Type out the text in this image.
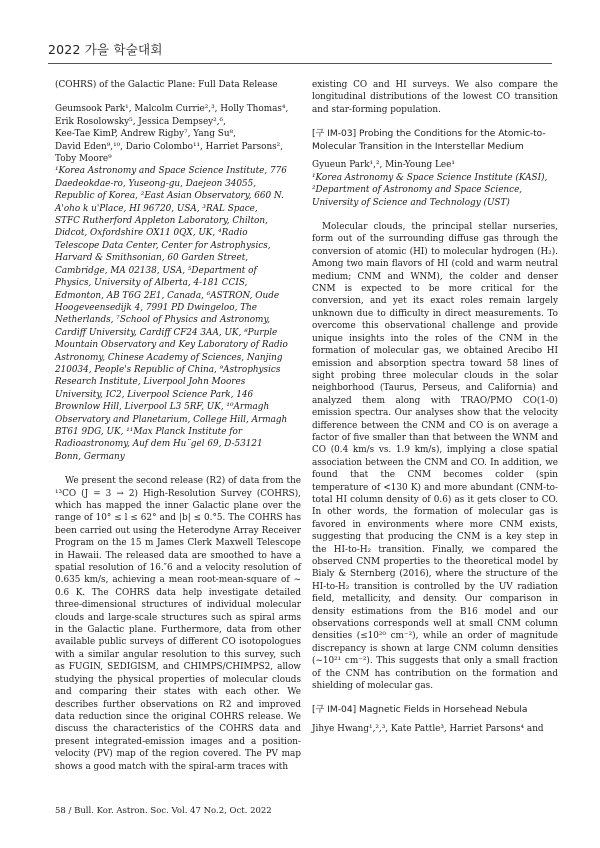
2022 가을 학술대회

(COHRS) of the Galactic Plane: Full Data Release

Geumsook Park¹, Malcolm Currie²,³, Holly Thomas⁴,
Erik Rosolowsky⁵, Jessica Dempsey²,⁶,
Kee-Tae KimP, Andrew Rigby⁷, Yang Su⁸,
David Eden⁹,¹⁰, Dario Colombo¹¹, Harriet Parsons²,
Toby Moore⁹
¹Korea Astronomy and Space Science Institute, 776
Daedeokdae-ro, Yuseong-gu, Daejeon 34055,
Republic of Korea, ²East Asian Observatory, 660 N.
A'oho k u'Place, HI 96720, USA, ³RAL Space,
STFC Rutherford Appleton Laboratory, Chilton,
Didcot, Oxfordshire OX11 0QX, UK, ⁴Radio
Telescope Data Center, Center for Astrophysics,
Harvard & Smithsonian, 60 Garden Street,
Cambridge, MA 02138, USA, ⁵Department of
Physics, University of Alberta, 4-181 CCIS,
Edmonton, AB T6G 2E1, Canada, ⁶ASTRON, Oude
Hoogeveensedijk 4, 7991 PD Dwingeloo, The
Netherlands, ⁷School of Physics and Astronomy,
Cardiff University, Cardiff CF24 3AA, UK, ⁸Purple
Mountain Observatory and Key Laboratory of Radio
Astronomy, Chinese Academy of Sciences, Nanjing
210034, People's Republic of China, ⁹Astrophysics
Research Institute, Liverpool John Moores
University, IC2, Liverpool Science Park, 146
Brownlow Hill, Liverpool L3 5RF, UK, ¹⁰Armagh
Observatory and Planetarium, College Hill, Armagh
BT61 9DG, UK, ¹¹Max Planck Institute for
Radioastronomy, Auf dem Hu¨gel 69, D-53121
Bonn, Germany

We present the second release (R2) of data from the ¹³CO (J = 3 → 2) High-Resolution Survey (COHRS), which has mapped the inner Galactic plane over the range of 10° ≤ l ≤ 62° and |b| ≤ 0.°5. The COHRS has been carried out using the Heterodyne Array Receiver Program on the 15 m James Clerk Maxwell Telescope in Hawaii. The released data are smoothed to have a spatial resolution of 16.″6 and a velocity resolution of 0.635 km/s, achieving a mean root-mean-square of ~ 0.6 K. The COHRS data help investigate detailed three-dimensional structures of individual molecular clouds and large-scale structures such as spiral arms in the Galactic plane. Furthermore, data from other available public surveys of different CO isotopologues with a similar angular resolution to this survey, such as FUGIN, SEDIGISM, and CHIMPS/CHIMPS2, allow studying the physical properties of molecular clouds and comparing their states with each other. We describes further observations on R2 and improved data reduction since the original COHRS release. We discuss the characteristics of the COHRS data and present integrated-emission images and a position-velocity (PV) map of the region covered. The PV map shows a good match with the spiral-arm traces with

existing CO and HI surveys. We also compare the longitudinal distributions of the lowest CO transition and star-forming population.

[구 IM-03] Probing the Conditions for the Atomic-to-Molecular Transition in the Interstellar Medium

Gyueun Park¹,², Min-Young Lee¹
¹Korea Astronomy & Space Science Institute (KASI),
²Department of Astronomy and Space Science,
University of Science and Technology (UST)

Molecular clouds, the principal stellar nurseries, form out of the surrounding diffuse gas through the conversion of atomic (HI) to molecular hydrogen (H₂). Among two main flavors of HI (cold and warm neutral medium; CNM and WNM), the colder and denser CNM is expected to be more critical for the conversion, and yet its exact roles remain largely unknown due to difficulty in direct measurements. To overcome this observational challenge and provide unique insights into the roles of the CNM in the formation of molecular gas, we obtained Arecibo HI emission and absorption spectra toward 58 lines of sight probing three molecular clouds in the solar neighborhood (Taurus, Perseus, and California) and analyzed them along with TRAO/PMO CO(1-0) emission spectra. Our analyses show that the velocity difference between the CNM and CO is on average a factor of five smaller than that between the WNM and CO (0.4 km/s vs. 1.9 km/s), implying a close spatial association between the CNM and CO. In addition, we found that the CNM becomes colder (spin temperature of <130 K) and more abundant (CNM-to-total HI column density of 0.6) as it gets closer to CO. In other words, the formation of molecular gas is favored in environments where more CNM exists, suggesting that producing the CNM is a key step in the HI-to-H₂ transition. Finally, we compared the observed CNM properties to the theoretical model by Bialy & Sternberg (2016), where the structure of the HI-to-H₂ transition is controlled by the UV radiation field, metallicity, and density. Our comparison in density estimations from the B16 model and our observations corresponds well at small CNM column densities (≤10²⁰ cm⁻²), while an order of magnitude discrepancy is shown at large CNM column densities (~10²¹ cm⁻²). This suggests that only a small fraction of the CNM has contribution on the formation and shielding of molecular gas.

[구 IM-04] Magnetic Fields in Horsehead Nebula

Jihye Hwang¹,²,³, Kate Pattle³, Harriet Parsons⁴ and
58 / Bull. Kor. Astron. Soc. Vol. 47 No.2, Oct. 2022
